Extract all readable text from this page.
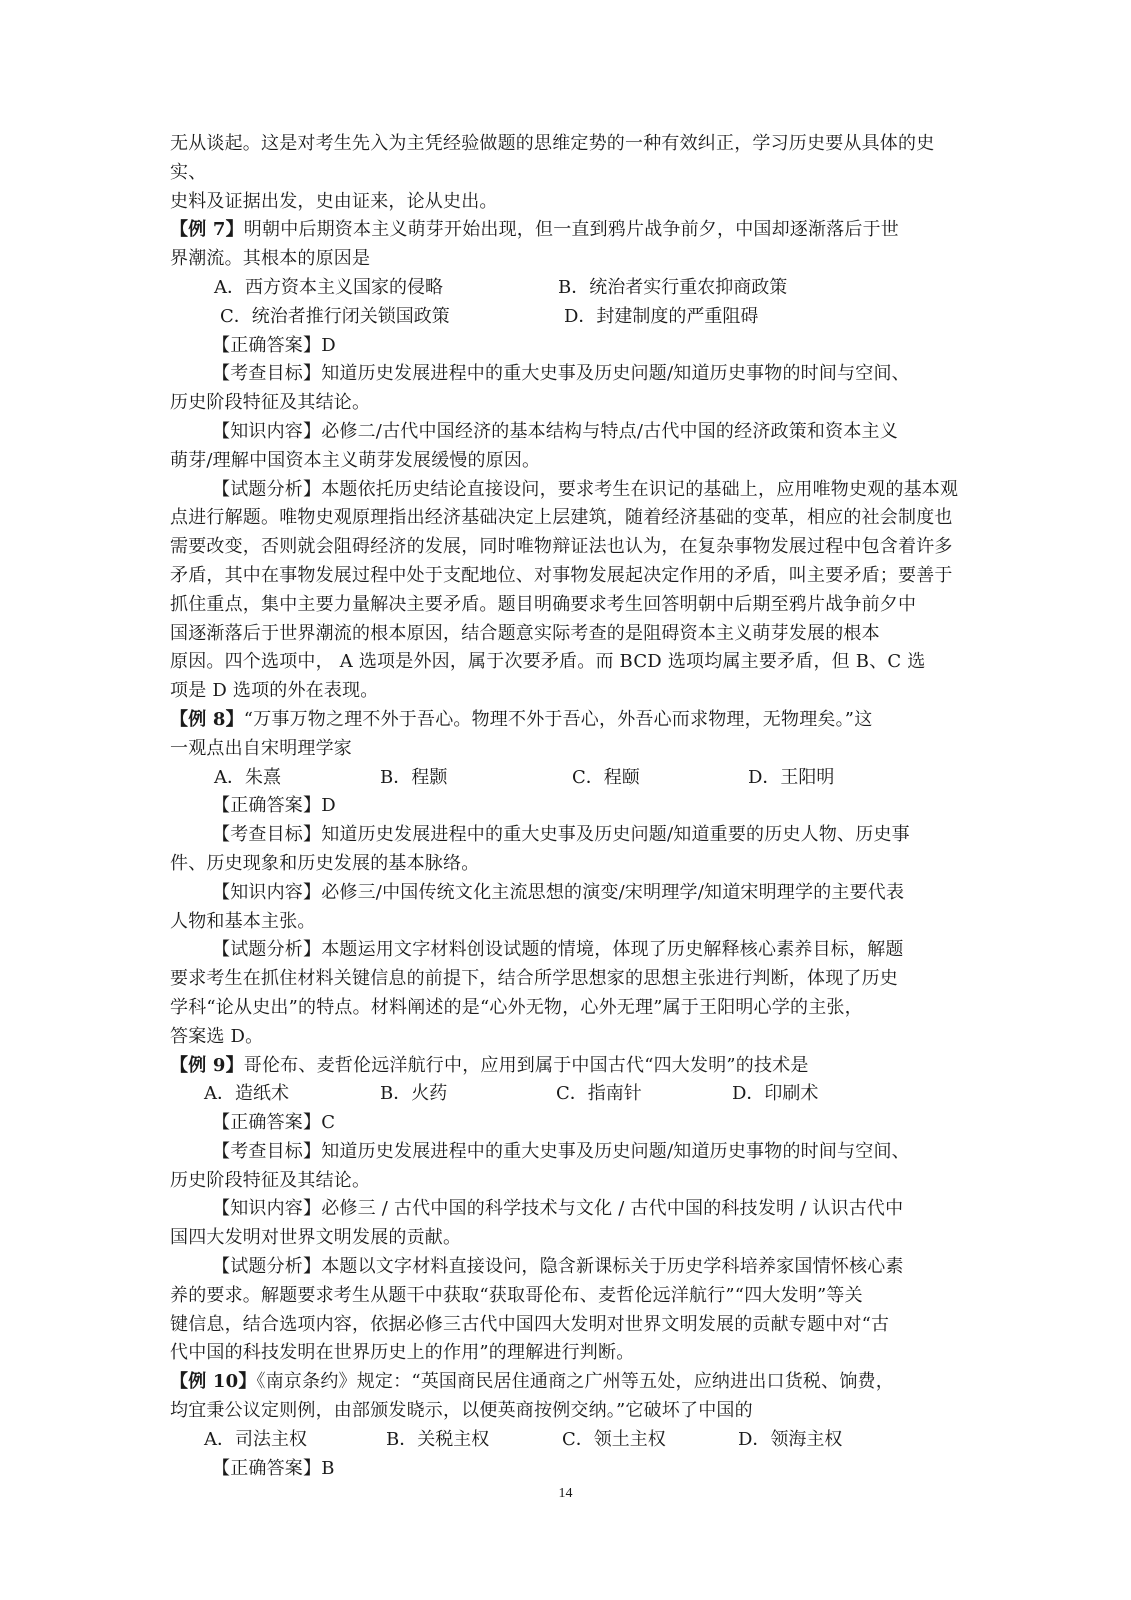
无从谈起。这是对考生先入为主凭经验做题的思维定势的一种有效纠正，学习历史要从具体的史实、

史料及证据出发，史由证来，论从史出。

【例 7】明朝中后期资本主义萌芽开始出现，但一直到鸦片战争前夕，中国却逐渐落后于世

界潮流。其根本的原因是

A．西方资本主义国家的侵略	B．统治者实行重农抑商政策
C．统治者推行闭关锁国政策	D．封建制度的严重阻碍

【正确答案】D

【考查目标】知道历史发展进程中的重大史事及历史问题/知道历史事物的时间与空间、

历史阶段特征及其结论。

【知识内容】必修二/古代中国经济的基本结构与特点/古代中国的经济政策和资本主义

萌芽/理解中国资本主义萌芽发展缓慢的原因。

【试题分析】本题依托历史结论直接设问，要求考生在识记的基础上，应用唯物史观的基本观

点进行解题。唯物史观原理指出经济基础决定上层建筑，随着经济基础的变革，相应的社会制度也

需要改变，否则就会阻碍经济的发展，同时唯物辩证法也认为，在复杂事物发展过程中包含着许多

矛盾，其中在事物发展过程中处于支配地位、对事物发展起决定作用的矛盾，叫主要矛盾；要善于

抓住重点，集中主要力量解决主要矛盾。题目明确要求考生回答明朝中后期至鸦片战争前夕中

国逐渐落后于世界潮流的根本原因，结合题意实际考查的是阻碍资本主义萌芽发展的根本

原因。四个选项中， A 选项是外因，属于次要矛盾。而 BCD 选项均属主要矛盾，但 B、C 选

项是 D 选项的外在表现。

【例 8】“万事万物之理不外于吾心。物理不外于吾心，外吾心而求物理，无物理矣。”这

一观点出自宋明理学家

A．朱熹	B．程颢	C．程颐	D．王阳明

【正确答案】D

【考查目标】知道历史发展进程中的重大史事及历史问题/知道重要的历史人物、历史事

件、历史现象和历史发展的基本脉络。

【知识内容】必修三/中国传统文化主流思想的演变/宋明理学/知道宋明理学的主要代表

人物和基本主张。

【试题分析】本题运用文字材料创设试题的情境，体现了历史解释核心素养目标，解题

要求考生在抓住材料关键信息的前提下，结合所学思想家的思想主张进行判断，体现了历史

学科“论从史出”的特点。材料阐述的是“心外无物，心外无理”属于王阳明心学的主张，

答案选 D。

【例 9】哥伦布、麦哲伦远洋航行中，应用到属于中国古代“四大发明”的技术是

A．造纸术	B．火药	C．指南针	D．印刷术

【正确答案】C

【考查目标】知道历史发展进程中的重大史事及历史问题/知道历史事物的时间与空间、

历史阶段特征及其结论。

【知识内容】必修三 / 古代中国的科学技术与文化 / 古代中国的科技发明 / 认识古代中

国四大发明对世界文明发展的贡献。

【试题分析】本题以文字材料直接设问，隐含新课标关于历史学科培养家国情怀核心素

养的要求。解题要求考生从题干中获取“获取哥伦布、麦哲伦远洋航行”“四大发明”等关

键信息，结合选项内容，依据必修三古代中国四大发明对世界文明发展的贡献专题中对“古

代中国的科技发明在世界历史上的作用”的理解进行判断。

【例 10】《南京条约》规定：“英国商民居住通商之广州等五处，应纳进出口货税、饷费，

均宜秉公议定则例，由部颁发晓示，以便英商按例交纳。”它破坏了中国的

A．司法主权	B．关税主权	C．领土主权	D．领海主权

【正确答案】B

14
